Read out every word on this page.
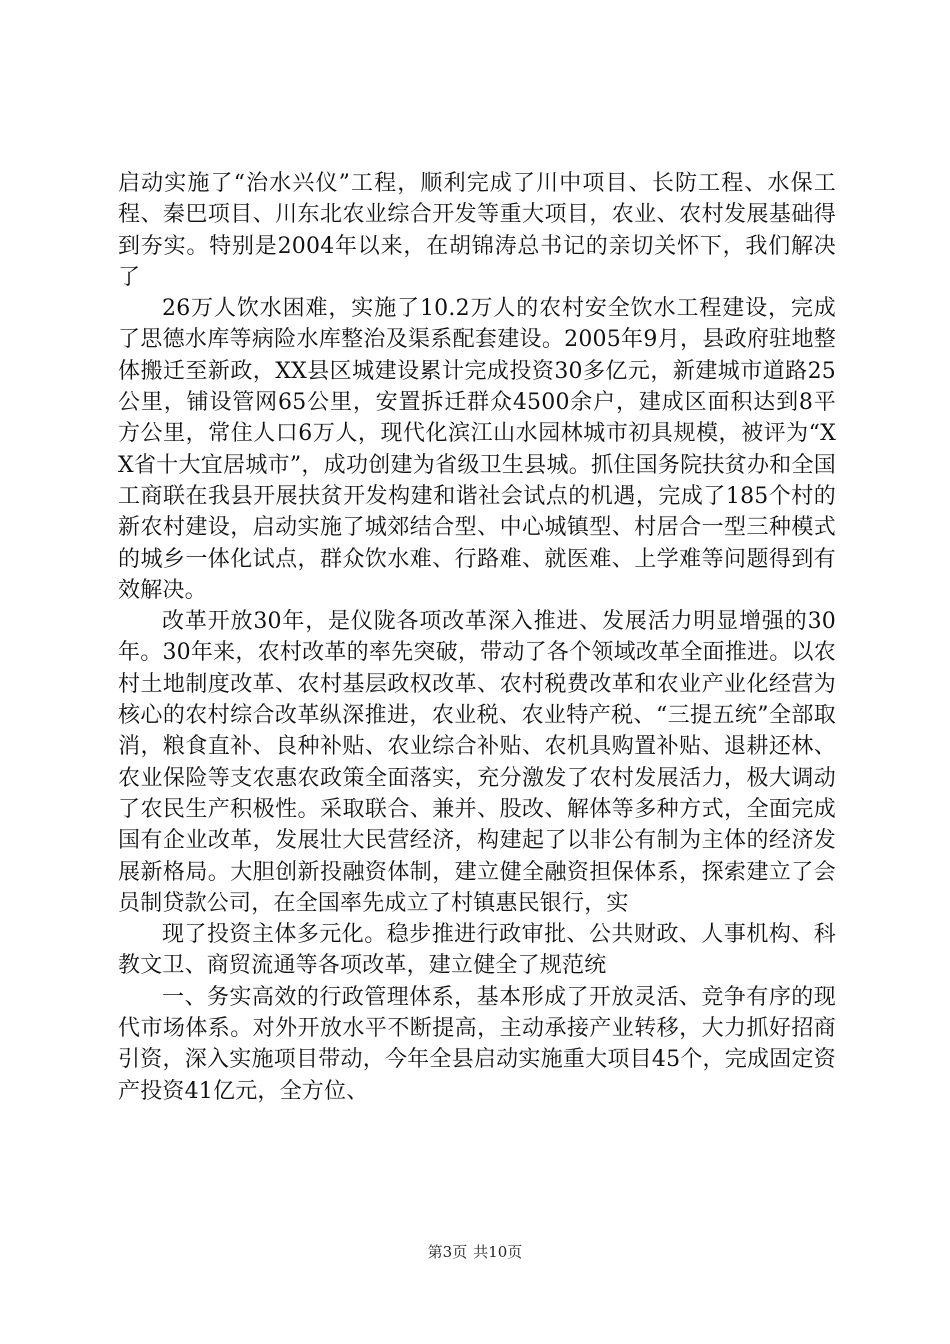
启动实施了“治水兴仪”工程，顺利完成了川中项目、长防工程、水保工程、秦巴项目、川东北农业综合开发等重大项目，农业、农村发展基础得到夯实。特别是2004年以来，在胡锦涛总书记的亲切关怀下，我们解决了

26万人饮水困难，实施了10.2万人的农村安全饮水工程建设，完成了思德水库等病险水库整治及渠系配套建设。2005年9月，县政府驻地整体搬迁至新政，XX县区城建设累计完成投资30多亿元，新建城市道路25公里，铺设管网65公里，安置拆迁群众4500余户，建成区面积达到8平方公里，常住人口6万人，现代化滨江山水园林城市初具规模，被评为“XX省十大宜居城市”，成功创建为省级卫生县城。抓住国务院扶贫办和全国工商联在我县开展扶贫开发构建和谐社会试点的机遇，完成了185个村的新农村建设，启动实施了城郊结合型、中心城镇型、村居合一型三种模式的城乡一体化试点，群众饮水难、行路难、就医难、上学难等问题得到有效解决。

改革开放30年，是仪陇各项改革深入推进、发展活力明显增强的30年。30年来，农村改革的率先突破，带动了各个领域改革全面推进。以农村土地制度改革、农村基层政权改革、农村税费改革和农业产业化经营为核心的农村综合改革纵深推进，农业税、农业特产税、“三提五统”全部取消，粮食直补、良种补贴、农业综合补贴、农机具购置补贴、退耕还林、农业保险等支农惠农政策全面落实，充分激发了农村发展活力，极大调动了农民生产积极性。采取联合、兼并、股改、解体等多种方式，全面完成国有企业改革，发展壮大民营经济，构建起了以非公有制为主体的经济发展新格局。大胆创新投融资体制，建立健全融资担保体系，探索建立了会员制贷款公司，在全国率先成立了村镇惠民银行，实

现了投资主体多元化。稳步推进行政审批、公共财政、人事机构、科教文卫、商贸流通等各项改革，建立健全了规范统

一、务实高效的行政管理体系，基本形成了开放灵活、竞争有序的现代市场体系。对外开放水平不断提高，主动承接产业转移，大力抓好招商引资，深入实施项目带动，今年全县启动实施重大项目45个，完成固定资产投资41亿元，全方位、

第3页 共10页
